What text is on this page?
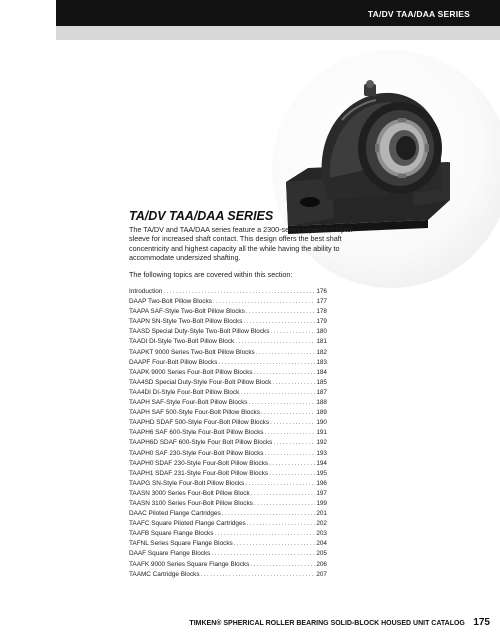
TA/DV TAA/DAA SERIES
TA/DV TAA/DAA SERIES
The TA/DV and TAA/DAA series feature a 2300-series tapered adapter sleeve for increased shaft contact. This design offers the best shaft concentricity and highest capacity all the while having the ability to accommodate undersized shafting.
The following topics are covered within this section:
Introduction .....	176
DAAP Two-Bolt Pillow Blocks .....	177
TAAPA SAF-Style Two-Bolt Pillow Blocks .....	178
TAAPN SN-Style Two-Bolt Pillow Blocks .....	179
TAASD Special Duty-Style Two-Bolt Pillow Blocks .....	180
TAADI DI-Style Two-Bolt Pillow Block .....	181
TAAPKT 9000 Series Two-Bolt Pillow Blocks .....	182
DAAPF Four-Bolt Pillow Blocks .....	183
TAAPK 9000 Series Four-Bolt Pillow Blocks .....	184
TAA4SD Special Duty-Style Four-Bolt Pillow Block .....	185
TAA4DI DI-Style Four-Bolt Pillow Block .....	187
TAAPH SAF-Style Four-Bolt Pillow Blocks .....	188
TAAPH SAF 500-Style Four-Bolt Pillow Blocks .....	189
TAAPHD SDAF 500-Style Four-Bolt Pillow Blocks .....	190
TAAPH6 SAF 600-Style Four-Bolt Pillow Blocks .....	191
TAAPH6D SDAF 600-Style Four Bolt Pillow Blocks .....	192
TAAPH0 SAF 230-Style Four-Bolt Pillow Blocks .....	193
TAAPH0 SDAF 230-Style Four-Bolt Pillow Blocks .....	194
TAAPH1 SDAF 231-Style Four-Bolt Pillow Blocks .....	195
TAAPG SN-Style Four-Bolt Pillow Blocks .....	196
TAASN 3000 Series Four-Bolt Pillow Block .....	197
TAASN 3100 Series Four-Bolt Pillow Blocks .....	199
DAAC Piloted Flange Cartridges .....	201
TAAFC Square Piloted Flange Cartridges .....	202
TAAFB Square Flange Blocks .....	203
TAFNL Series Square Flange Blocks .....	204
DAAF Square Flange Blocks .....	205
TAAFK 9000 Series Square Flange Blocks .....	206
TAAMC Cartridge Blocks .....	207
TIMKEN® SPHERICAL ROLLER BEARING SOLID-BLOCK HOUSED UNIT CATALOG 175
